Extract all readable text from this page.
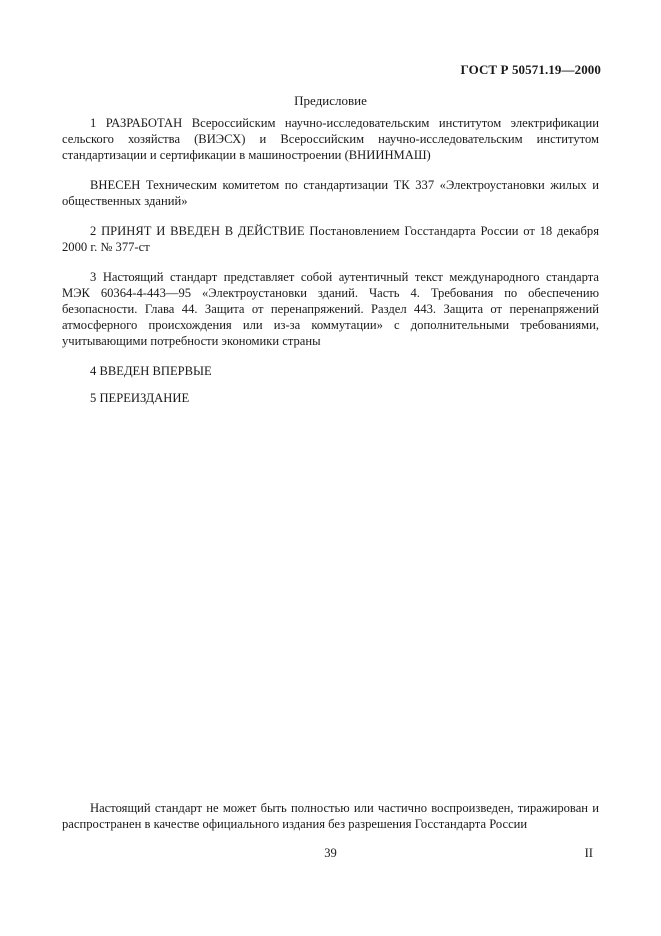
ГОСТ Р 50571.19—2000
Предисловие

1 РАЗРАБОТАН Всероссийским научно-исследовательским институтом электрификации сельского хозяйства (ВИЭСХ) и Всероссийским научно-исследовательским институтом стандартизации и сертификации в машиностроении (ВНИИНМАШ)

ВНЕСЕН Техническим комитетом по стандартизации ТК 337 «Электроустановки жилых и общественных зданий»

2 ПРИНЯТ И ВВЕДЕН В ДЕЙСТВИЕ Постановлением Госстандарта России от 18 декабря 2000 г. № 377-ст

3 Настоящий стандарт представляет собой аутентичный текст международного стандарта МЭК 60364-4-443—95 «Электроустановки зданий. Часть 4. Требования по обеспечению безопасности. Глава 44. Защита от перенапряжений. Раздел 443. Защита от перенапряжений атмосферного происхождения или из-за коммутации» с дополнительными требованиями, учитывающими потребности экономики страны

4 ВВЕДЕН ВПЕРВЫЕ

5 ПЕРЕИЗДАНИЕ

Настоящий стандарт не может быть полностью или частично воспроизведен, тиражирован и распространен в качестве официального издания без разрешения Госстандарта России

39	II
